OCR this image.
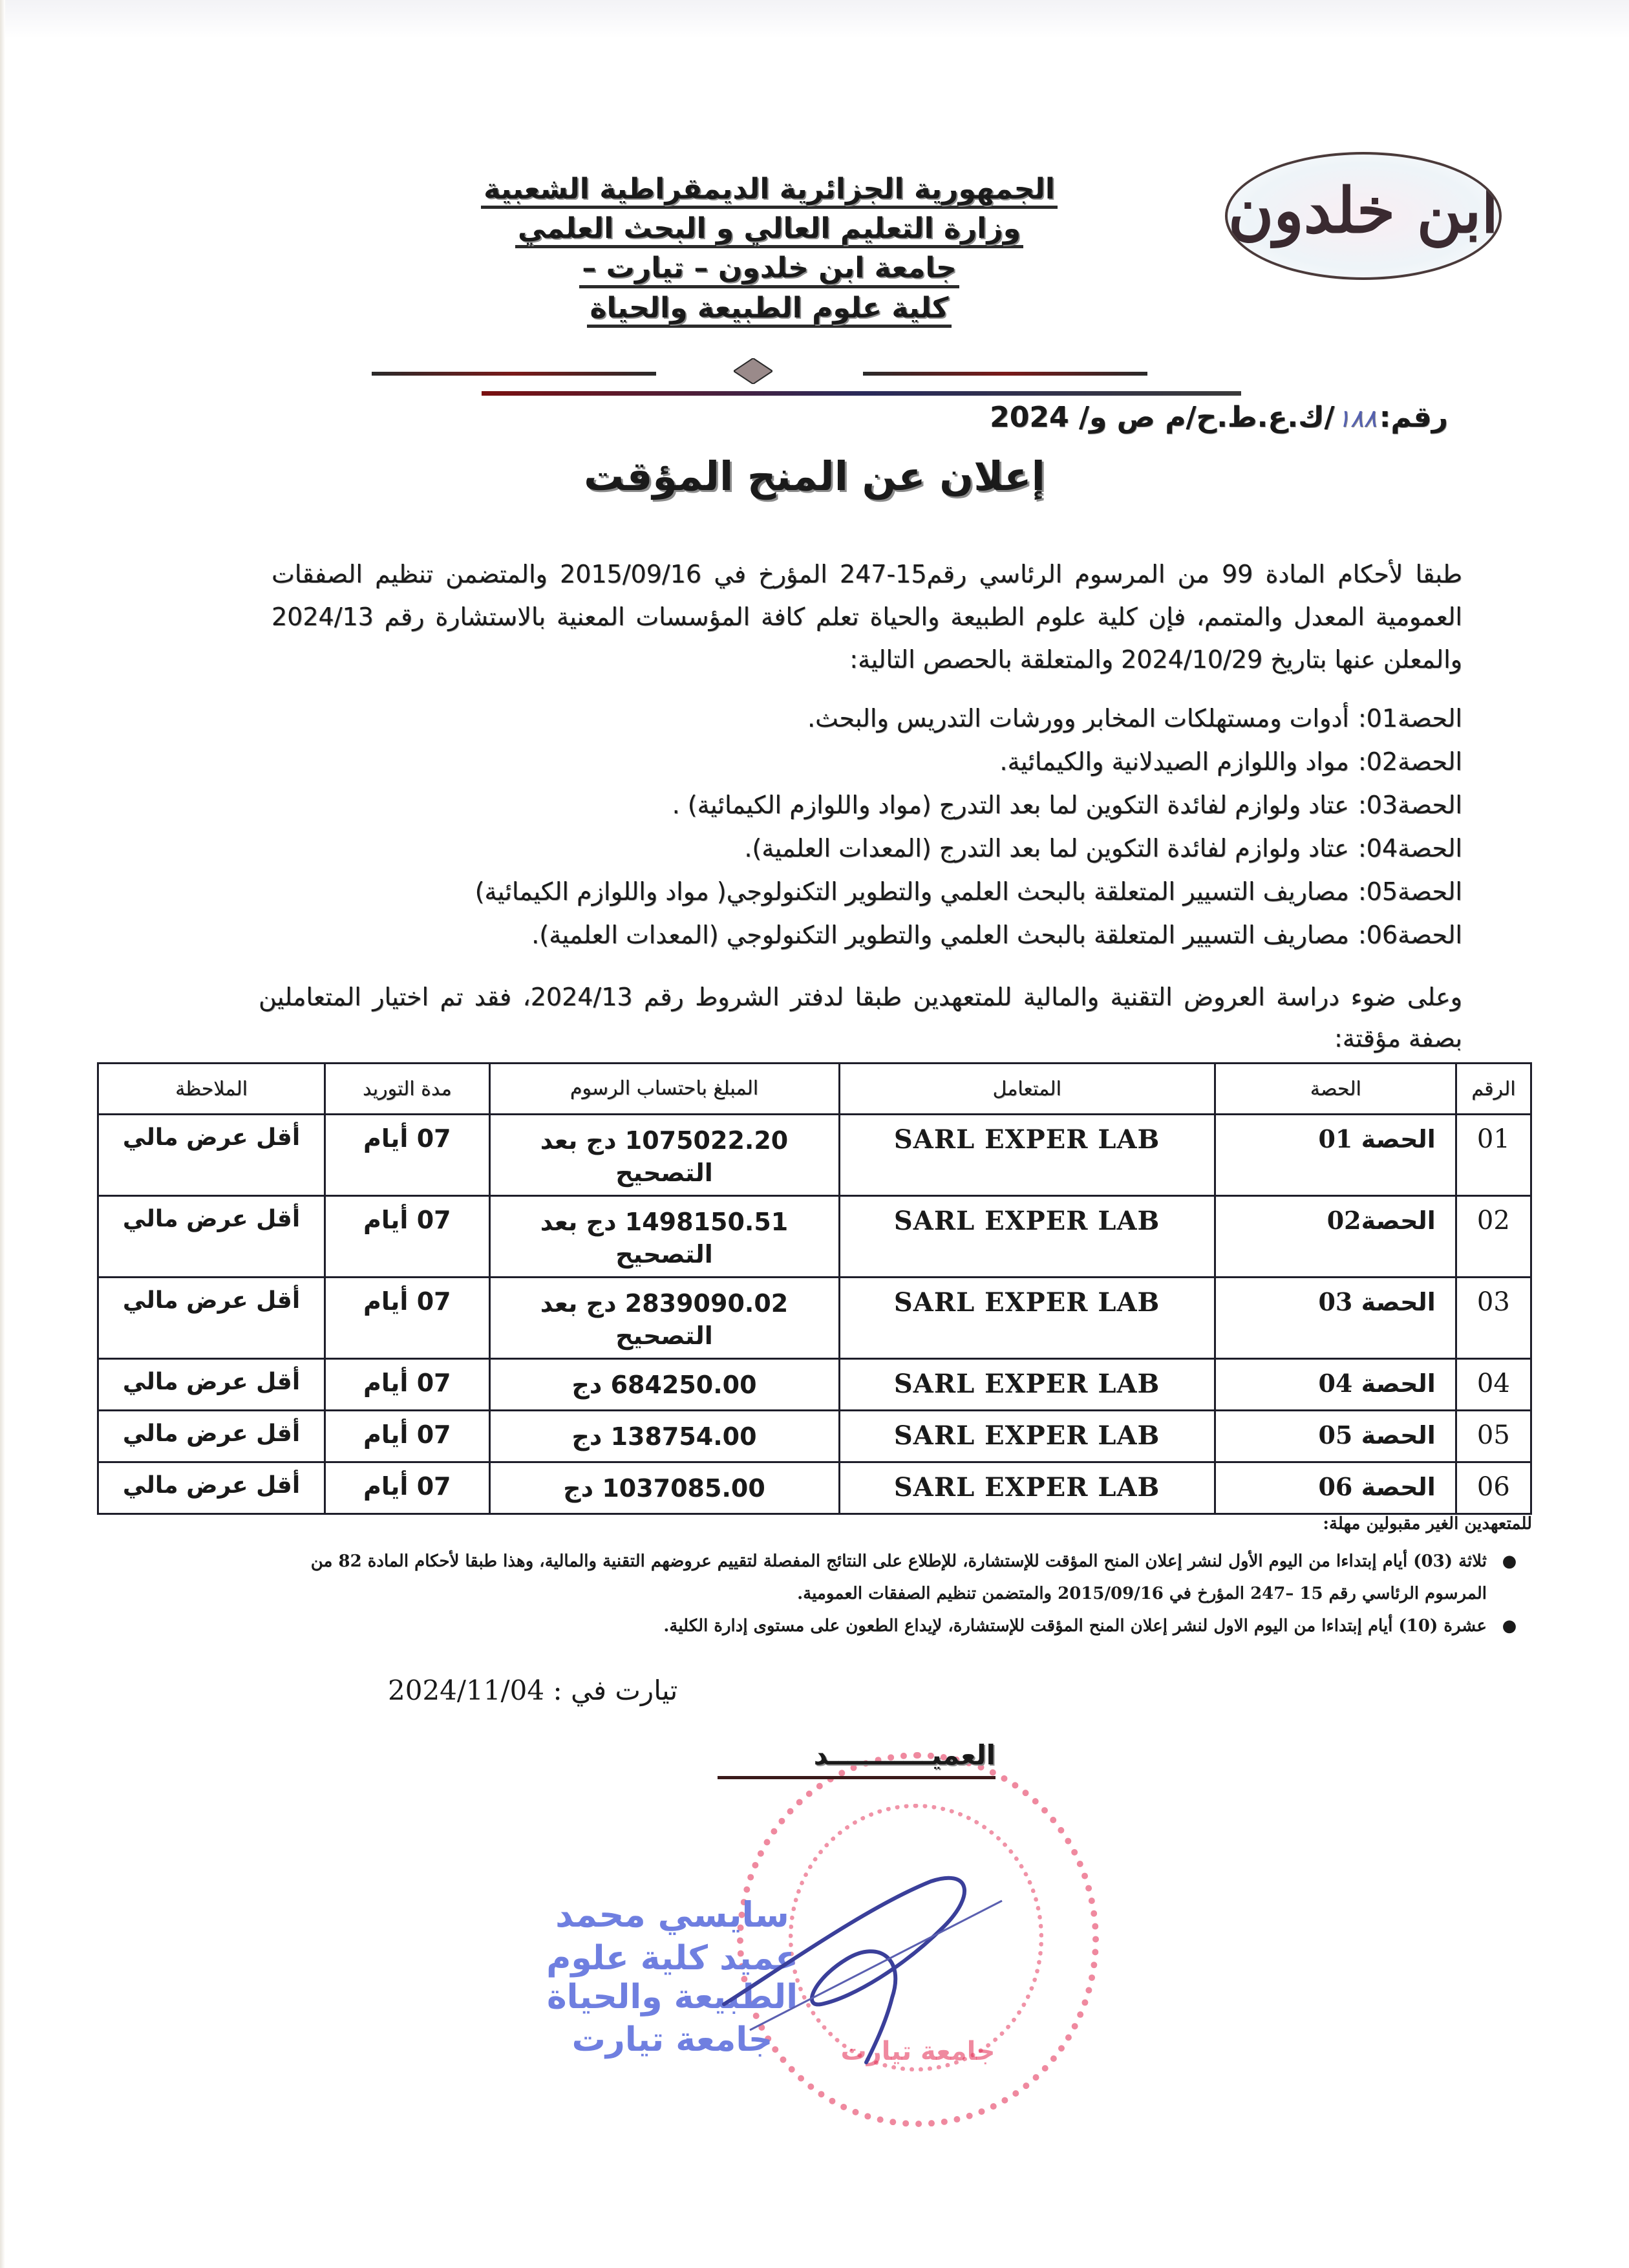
ابن خلدون
الجمهورية الجزائرية الديمقراطية الشعبية
وزارة التعليم العالي و البحث العلمي
جامعة ابن خلدون – تيارت –
كلية علوم الطبيعة والحياة
رقم:١٨٨/ك.ع.ط.ح/م ص و/ 2024
إعلان عن المنح المؤقت
طبقا لأحكام المادة 99 من المرسوم الرئاسي رقم15-247 المؤرخ في 2015/09/16 والمتضمن تنظيم الصفقات العمومية المعدل والمتمم، فإن كلية علوم الطبيعة والحياة تعلم كافة المؤسسات المعنية بالاستشارة رقم 2024/13 والمعلن عنها بتاريخ 2024/10/29 والمتعلقة بالحصص التالية:
الحصة01:أدوات ومستهلكات المخابر وورشات التدريس والبحث.
الحصة02:مواد واللوازم الصيدلانية والكيمائية.
الحصة03:عتاد ولوازم لفائدة التكوين لما بعد التدرج (مواد واللوازم الكيمائية) .
الحصة04:عتاد ولوازم لفائدة التكوين لما بعد التدرج (المعدات العلمية).
الحصة05:مصاريف التسيير المتعلقة بالبحث العلمي والتطوير التكنولوجي( مواد واللوازم الكيمائية)
الحصة06:مصاريف التسيير المتعلقة بالبحث العلمي والتطوير التكنولوجي (المعدات العلمية).
وعلى ضوء دراسة العروض التقنية والمالية للمتعهدين طبقا لدفتر الشروط رقم 2024/13، فقد تم اختيار المتعاملين بصفة مؤقتة:
الرقم	الحصة	المتعامل	المبلغ باحتساب الرسوم	مدة التوريد	الملاحظة
01	الحصة 01	SARL EXPER LAB	1075022.20 دج بعد التصحيح	07 أيام	أقل عرض مالي
02	الحصة02	SARL EXPER LAB	1498150.51 دج بعد التصحيح	07 أيام	أقل عرض مالي
03	الحصة 03	SARL EXPER LAB	2839090.02 دج بعد التصحيح	07 أيام	أقل عرض مالي
04	الحصة 04	SARL EXPER LAB	684250.00 دج	07 أيام	أقل عرض مالي
05	الحصة 05	SARL EXPER LAB	138754.00 دج	07 أيام	أقل عرض مالي
06	الحصة 06	SARL EXPER LAB	1037085.00 دج	07 أيام	أقل عرض مالي
للمتعهدين الغير مقبولين مهلة:
●
ثلاثة (03) أيام إبتداءا من اليوم الأول لنشر إعلان المنح المؤقت للإستشارة، للإطلاع على النتائج المفصلة لتقييم عروضهم التقنية والمالية، وهذا طبقا لأحكام المادة 82 من المرسوم الرئاسي رقم 15 –247 المؤرخ في 2015/09/16 والمتضمن تنظيم الصفقات العمومية.
●
عشرة (10) أيام إبتداءا من اليوم الاول لنشر إعلان المنح المؤقت للإستشارة، لإيداع الطعون على مستوى إدارة الكلية.
تيارت في : 2024/11/04
جامعة تيارت
العميـــــــــــد
سايسي محمد
عميد كلية علوم الطبيعة والحياة
جامعة تيارت
